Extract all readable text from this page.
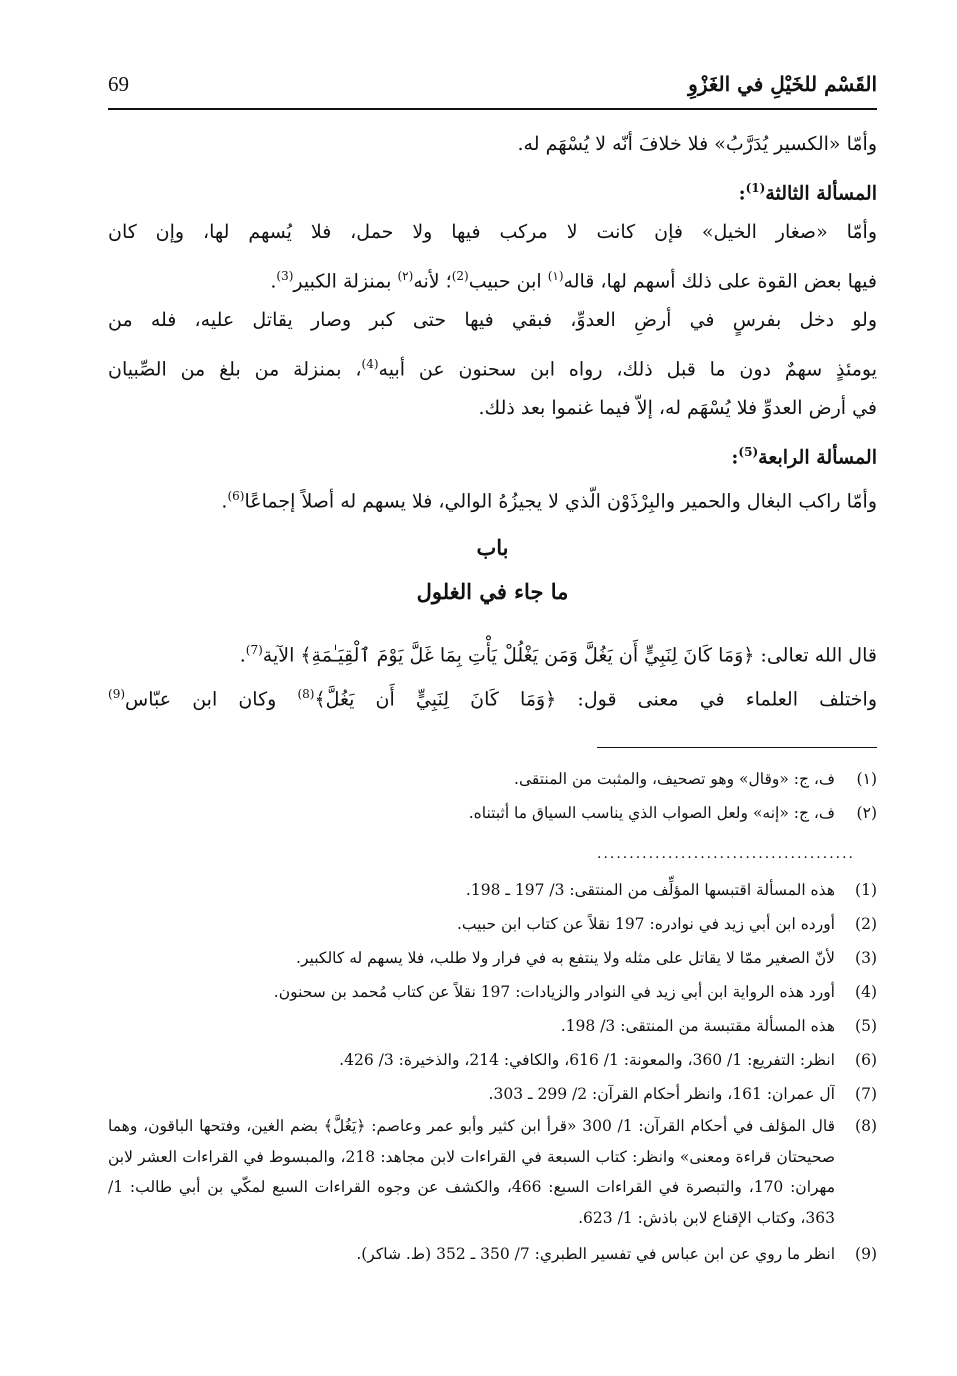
القَسْم للخَيْلِ في الغَزْوِ
69
وأمّا «الكسير يُدَرَّبُ» فلا خلافَ أنّه لا يُسْهَم له.
المسألة الثالثة$^{(1)}$:
وأمّا «صغار الخيل» فإن كانت لا مركب فيها ولا حمل، فلا يُسهم لها، وإن كان
فيها بعض القوة على ذلك أسهم لها، قاله$^{(١)}$ ابن حبيب$^{(2)}$؛ لأنه$^{(٢)}$ بمنزلة الكبير$^{(3)}$.
ولو دخل بفرسٍ في أرضِ العدوِّ، فبقي فيها حتى كبر وصار يقاتل عليه، فله من
يومئذٍ سهمٌ دون ما قبل ذلك، رواه ابن سحنون عن أبيه$^{(4)}$، بمنزلة من بلغ من الصِّبيان
في أرض العدوِّ فلا يُسْهَم له، إلاّ فيما غنموا بعد ذلك.
المسألة الرابعة$^{(5)}$:
وأمّا راكب البغال والحمير والبِرْذَوْن الّذي لا يجيزُهُ الوالي، فلا يسهم له أصلاً إجماعًا$^{(6)}$.
باب
ما جاء في الغلول
قال الله تعالى: ﴿وَمَا كَانَ لِنَبِيٍّ أَن يَغُلَّ وَمَن يَغْلُلْ يَأْتِ بِمَا غَلَّ يَوْمَ ٱلْقِيَـٰمَةِ﴾ الآية$^{(7)}$.
واختلف العلماء في معنى قول: ﴿وَمَا كَانَ لِنَبِيٍّ أَن يَغُلَّ﴾$^{(8)}$ وكان ابن عبّاس$^{(9)}$
(١)
ف، ج: «وقال» وهو تصحيف، والمثبت من المنتقى.
(٢)
ف، ج: «إنه» ولعل الصواب الذي يناسب السياق ما أثبتناه.
........................................
(1)
هذه المسألة اقتبسها المؤلِّف من المنتقى: 3/ 197 ـ 198.
(2)
أورده ابن أبي زيد في نوادره: 197 نقلاً عن كتاب ابن حبيب.
(3)
لأنّ الصغير ممّا لا يقاتل على مثله ولا ينتفع به في فرار ولا طلب، فلا يسهم له كالكبير.
(4)
أورد هذه الرواية ابن أبي زيد في النوادر والزيادات: 197 نقلاً عن كتاب مُحمد بن سحنون.
(5)
هذه المسألة مقتبسة من المنتقى: 3/ 198.
(6)
انظر: التفريع: 1/ 360، والمعونة: 1/ 616، والكافي: 214، والذخيرة: 3/ 426.
(7)
آل عمران: 161، وانظر أحكام القرآن: 2/ 299 ـ 303.
(8)
قال المؤلف في أحكام القرآن: 1/ 300 «قرأ ابن كثير وأبو عمر وعاصم: ﴿يَغُلَّ﴾ بضم الغين، وفتحها الباقون، وهما صحيحتان قراءة ومعنى» وانظر: كتاب السبعة في القراءات لابن مجاهد: 218، والمبسوط في القراءات العشر لابن مهران: 170، والتبصرة في القراءات السبع: 466، والكشف عن وجوه القراءات السبع لمكّي بن أبي طالب: 1/ 363، وكتاب الإقناع لابن باذش: 1/ 623.
(9)
انظر ما روي عن ابن عباس في تفسير الطبري: 7/ 350 ـ 352 (ط. شاكر).
